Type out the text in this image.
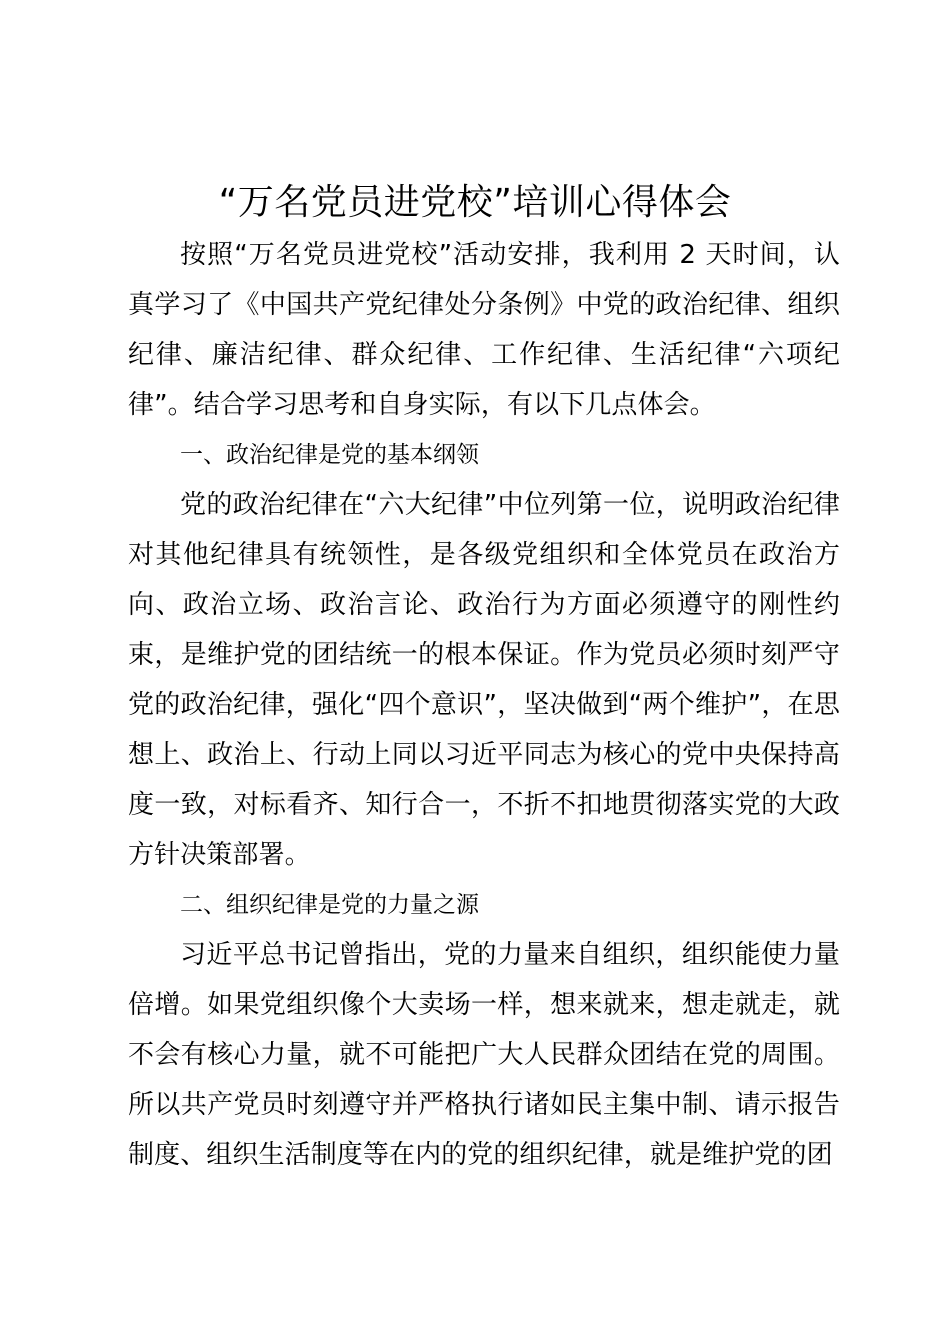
“万名党员进党校”培训心得体会

按照“万名党员进党校”活动安排，我利用 2 天时间，认真学习了《中国共产党纪律处分条例》中党的政治纪律、组织纪律、廉洁纪律、群众纪律、工作纪律、生活纪律“六项纪律”。结合学习思考和自身实际，有以下几点体会。

一、政治纪律是党的基本纲领

党的政治纪律在“六大纪律”中位列第一位，说明政治纪律对其他纪律具有统领性，是各级党组织和全体党员在政治方向、政治立场、政治言论、政治行为方面必须遵守的刚性约束，是维护党的团结统一的根本保证。作为党员必须时刻严守党的政治纪律，强化“四个意识”，坚决做到“两个维护”，在思想上、政治上、行动上同以习近平同志为核心的党中央保持高度一致，对标看齐、知行合一，不折不扣地贯彻落实党的大政方针决策部署。

二、组织纪律是党的力量之源

习近平总书记曾指出，党的力量来自组织，组织能使力量倍增。如果党组织像个大卖场一样，想来就来，想走就走，就不会有核心力量，就不可能把广大人民群众团结在党的周围。所以共产党员时刻遵守并严格执行诸如民主集中制、请示报告制度、组织生活制度等在内的党的组织纪律，就是维护党的团
